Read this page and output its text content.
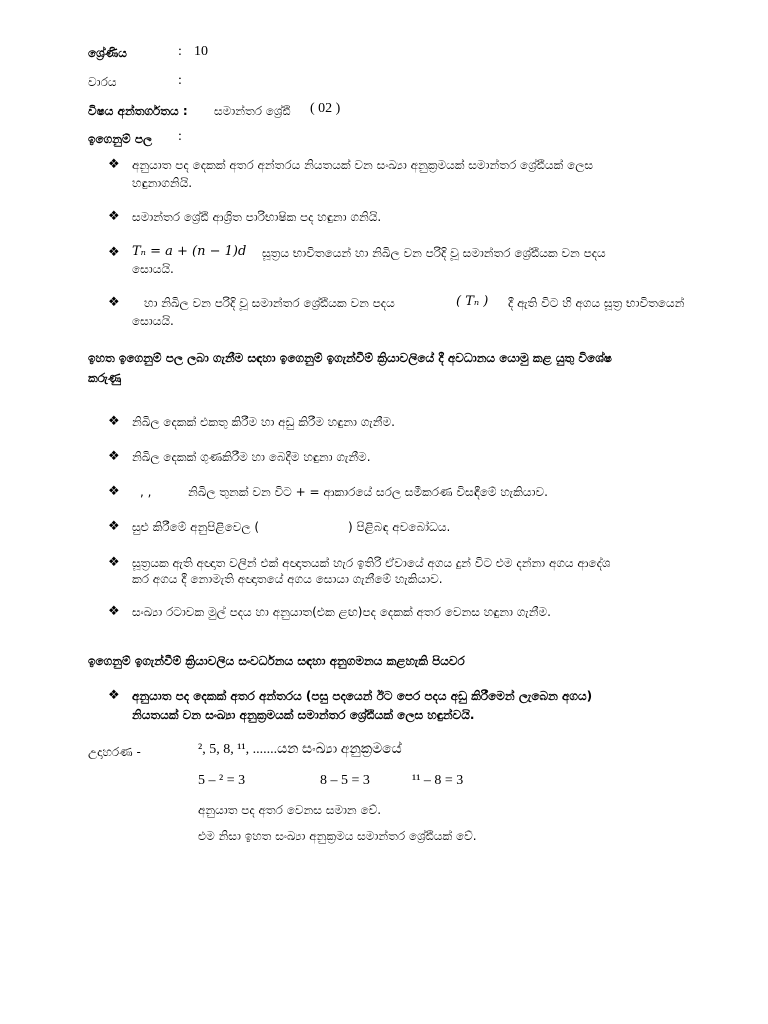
ශ්‍රේණිය	: 10
වාරය	:
විෂය අන්තර්ගතය : සමාන්තර ශ්‍රේඪි ( 02 )
ඉගෙනුම් පල :
❖ අනුයාත පද දෙකක් අතර අන්තරය නියතයක් වන සංඛ්‍යා අනුක්‍රමයක් සමාන්තර ශ්‍රේඪියක් ලෙස
හඳුනාගනියි.
❖ සමාන්තර ශ්‍රේඪි ආශ්‍රිත පාරිභාෂික පද හඳුනා ගනියි.
❖ Tₙ = a + (n − 1)d සූත්‍රය භාවිතයෙන් හා නිඛිල වන පරිදි වූ සමාන්තර ශ්‍රේඪියක වන පදය
සොයයි.
❖ හා නිඛිල වන පරිදි වූ සමාන්තර ශ්‍රේඪියක වන පදය	( Tₙ ) දී ඇති විට හි අගය සූත්‍ර භාවිතයෙන්
සොයයි.
ඉහත ඉගෙනුම් පල ලබා ගැනීම සඳහා ඉගෙනුම් ඉගැන්වීම් ක්‍රියාවලියේ දී අවධානය යොමු කළ යුතු විශේෂ
කරුණු
❖ නිඛිල දෙකක් එකතු කිරීම හා අඩු කිරීම හඳුනා ගැනීම.
❖ නිඛිල දෙකක් ගුණකිරීම හා බෙදීම හඳුනා ගැනීම.
❖ , ,	නිඛිල තුනක් වන විට + = ආකාරයේ සරල සමීකරණ විසඳීමේ හැකියාව.
❖ සුළු කිරීමේ අනුපිළිවෙල (	) පිළිබඳ අවබෝධය.
❖ සූත්‍රයක ඇති අඥාත වලින් එක් අඥාතයක් හැර ඉතිරි ඒවායේ අගය දුන් විට එම දන්නා අගය ආදේශ
කර අගය දී නොමැති අඥාතයේ අගය සොයා ගැනීමේ හැකියාව.
❖ සංඛ්‍යා රටාවක මුල් පදය හා අනුයාත(එක ළඟ)පද දෙකක් අතර වෙනස හඳුනා ගැනීම.
ඉගෙනුම් ඉගැන්වීම් ක්‍රියාවලිය සංවර්ධනය සඳහා අනුගමනය කළහැකි පියවර
❖ අනුයාත පද දෙකක් අතර අන්තරය (පසු පදයෙන් ඊට පෙර පදය අඩු කිරීමෙන් ලැබෙන අගය)
නියතයක් වන සංඛ්‍යා අනුක්‍රමයක් සමාන්තර ශ්‍රේඪියක් ලෙස හඳුන්වයි.
උදාහරණ -	², 5, 8, ¹¹, .......යන සංඛ්‍යා අනුක්‍රමයේ
5 – ² = 3	8 – 5 = 3	¹¹ – 8 = 3
අනුයාත පද අතර වෙනස සමාන වේ.
එම නිසා ඉහත සංඛ්‍යා අනුක්‍රමය සමාන්තර ශ්‍රේඪියක් වේ.
